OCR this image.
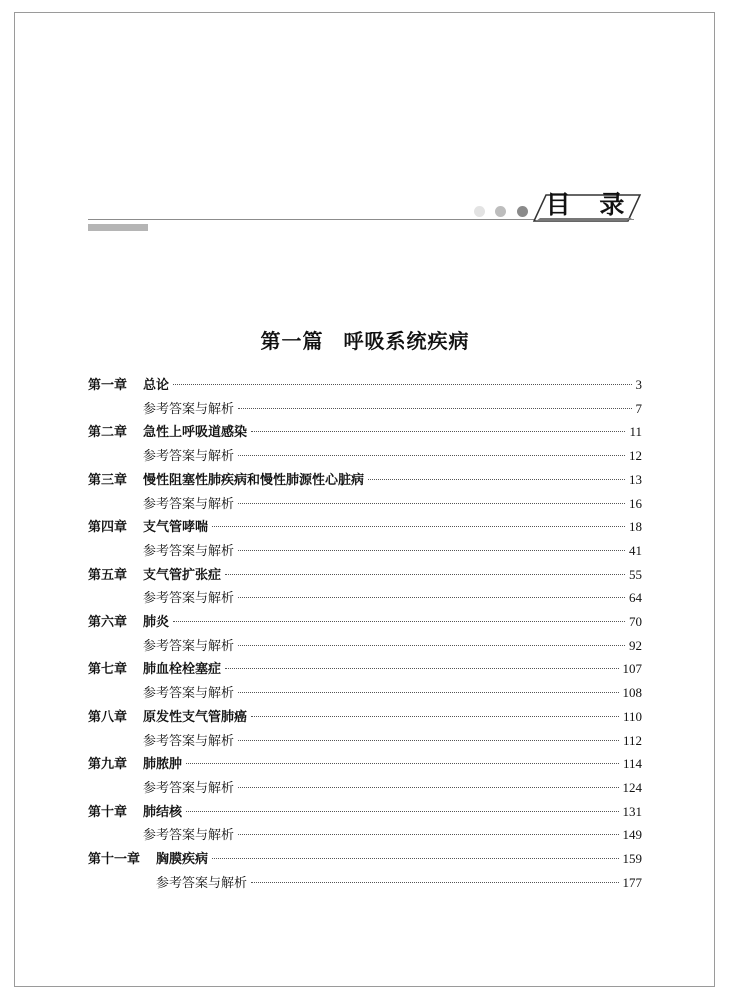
目 录
第一篇 呼吸系统疾病
第一章	总论	3
参考答案与解析	7
第二章	急性上呼吸道感染	11
参考答案与解析	12
第三章	慢性阻塞性肺疾病和慢性肺源性心脏病	13
参考答案与解析	16
第四章	支气管哮喘	18
参考答案与解析	41
第五章	支气管扩张症	55
参考答案与解析	64
第六章	肺炎	70
参考答案与解析	92
第七章	肺血栓栓塞症	107
参考答案与解析	108
第八章	原发性支气管肺癌	110
参考答案与解析	112
第九章	肺脓肿	114
参考答案与解析	124
第十章	肺结核	131
参考答案与解析	149
第十一章	胸膜疾病	159
参考答案与解析	177
